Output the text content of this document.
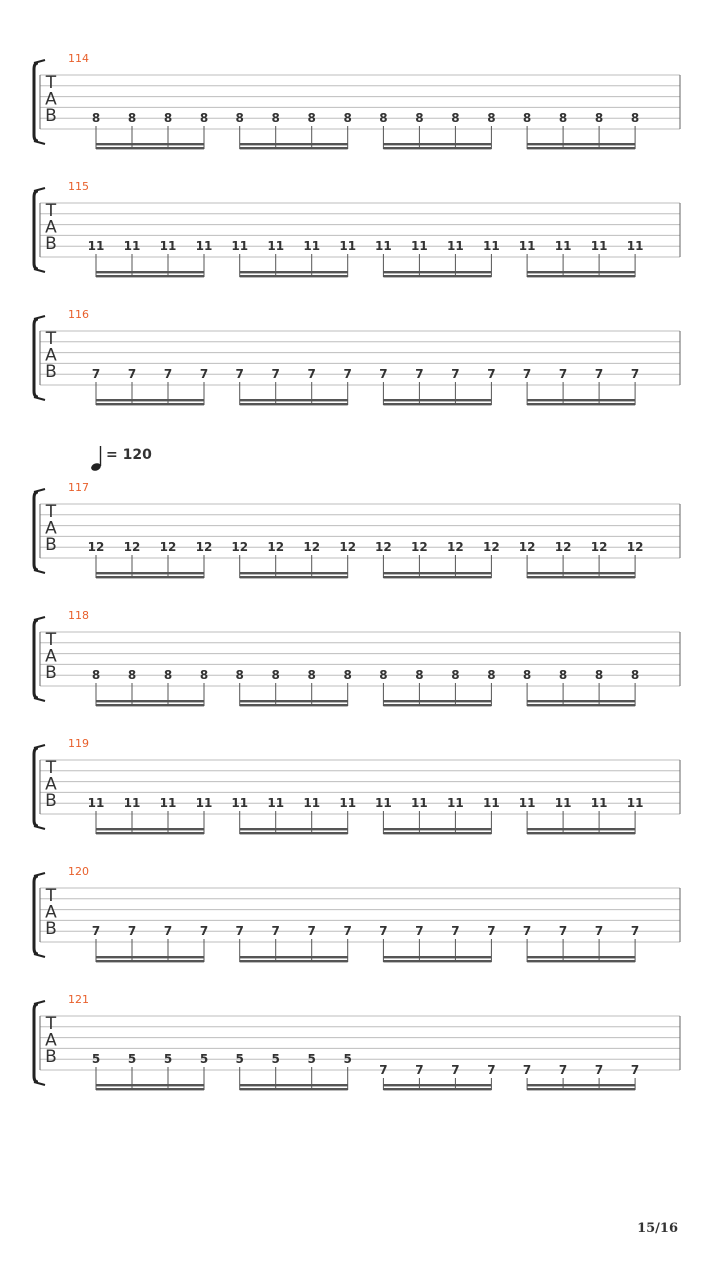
T
A
B
114
8 8 8 8 8 8 8 8 8 8 8 8 8 8 8 8
T
A
B
115
11 11 11 11 11 11 11 11 11 11 11 11 11 11 11 11
T
A
B
116
7 7 7 7 7 7 7 7 7 7 7 7 7 7 7 7
T
A
B
117
12 12 12 12 12 12 12 12 12 12 12 12 12 12 12 12
T
A
B
118
8 8 8 8 8 8 8 8 8 8 8 8 8 8 8 8
T
A
B
119
11 11 11 11 11 11 11 11 11 11 11 11 11 11 11 11
T
A
B
120
7 7 7 7 7 7 7 7 7 7 7 7 7 7 7 7
T
A
B
121
5 5 5 5 5 5 5 5
7 7 7 7 7 7 7 7
= 120
15/16
